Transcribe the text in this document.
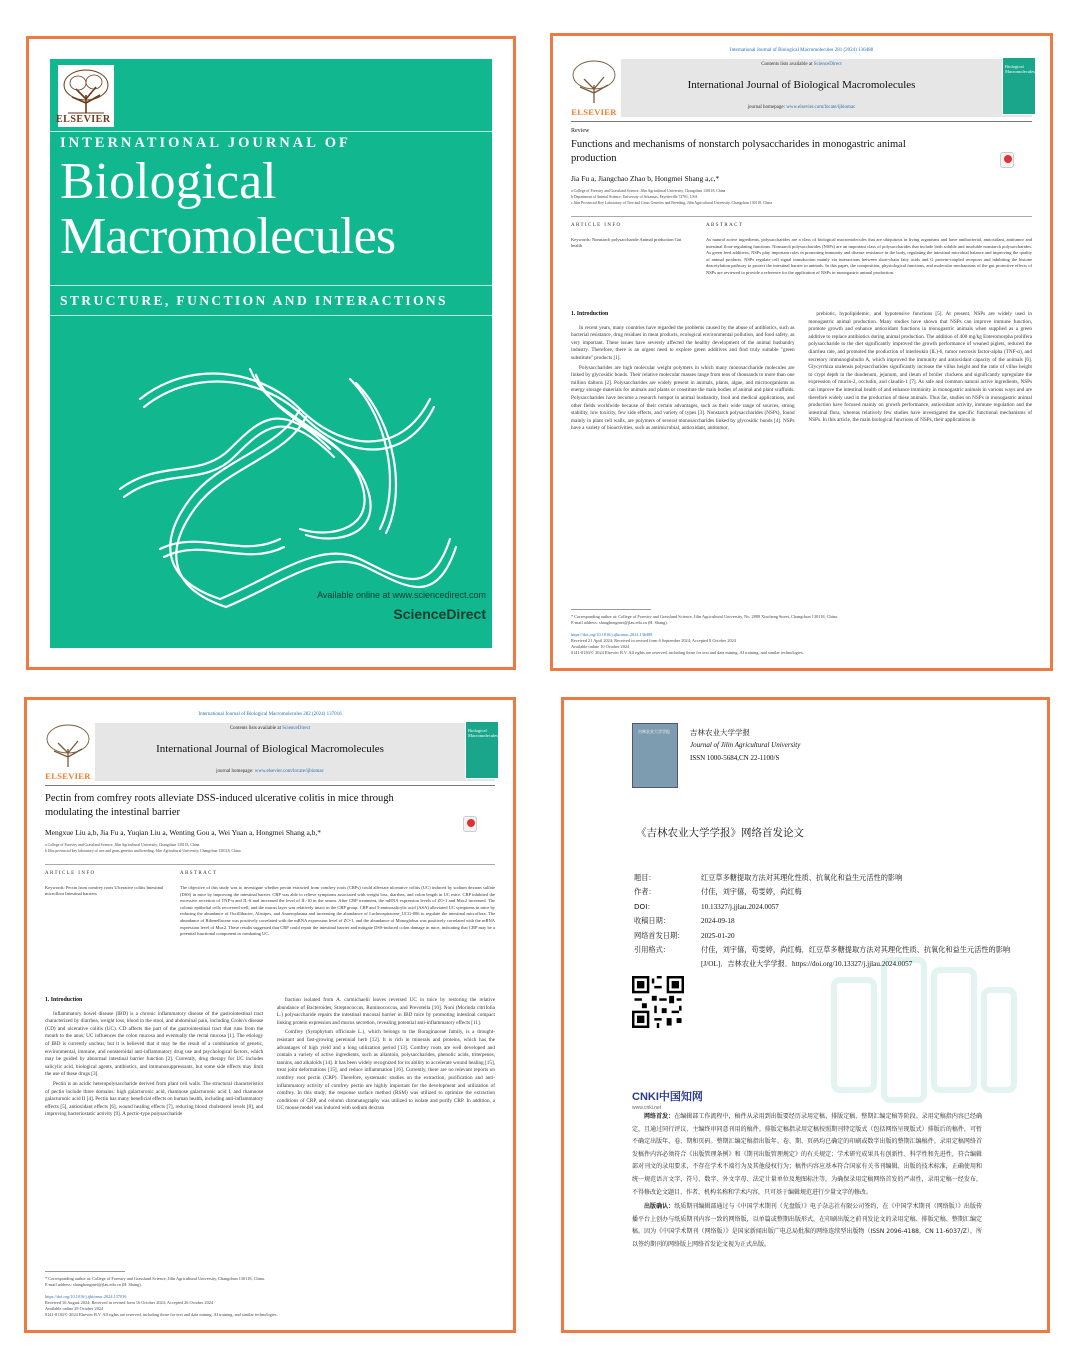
ELSEVIER
INTERNATIONAL JOURNAL OF
Biological
Macromolecules
STRUCTURE, FUNCTION AND INTERACTIONS
Available online at www.sciencedirect.com
ScienceDirect
International Journal of Biological Macromolecules 281 (2024) 136488
ELSEVIER
Contents lists available at ScienceDirect
International Journal of Biological Macromolecules
journal homepage: www.elsevier.com/locate/ijbiomac
Biological Macromolecules
Review
Functions and mechanisms of nonstarch polysaccharides in monogastric animal production
Jia Fu a, Jiangchao Zhao b, Hongmei Shang a,c,*
a College of Forestry and Grassland Science, Jilin Agricultural University, Changchun 130118, China
b Department of Animal Science, University of Arkansas, Fayetteville 72701, USA
c Jilin Provincial Key Laboratory of Tree and Grass Genetics and Breeding, Jilin Agricultural University, Changchun 130118, China
ARTICLE INFO	ABSTRACT
Keywords: Nonstarch polysaccharide Animal production Gut health
As natural active ingredients, polysaccharides are a class of biological macromolecules that are ubiquitous in living organisms and have antibacterial, antioxidant, antitumor and intestinal flora-regulating functions. Nonstarch polysaccharides (NSPs) are an important class of polysaccharides that include both soluble and insoluble nonstarch polysaccharides. As green feed additives, NSPs play important roles in promoting immunity and disease resistance in the body, regulating the intestinal microbial balance and improving the quality of animal products. NSPs regulate cell signal transduction mainly via interactions between short-chain fatty acids and G protein-coupled receptors and inhibiting the histone deacetylation pathway to protect the intestinal barrier in animals. In this paper, the composition, physiological functions, and molecular mechanisms of the gut protective effects of NSPs are reviewed to provide a reference for the application of NSPs in monogastric animal production.
1. Introduction

In recent years, many countries have regarded the problems caused by the abuse of antibiotics, such as bacterial resistance, drug residues in meat products, ecological environmental pollution, and food safety, as very important. These issues have severely affected the healthy development of the animal husbandry industry. Therefore, there is an urgent need to explore green additives and find truly suitable "green substitute" products [1].

Polysaccharides are high molecular weight polymers in which many monosaccharide molecules are linked by glycosidic bonds. Their relative molecular masses range from tens of thousands to more than one million daltons [2]. Polysaccharides are widely present in animals, plants, algae, and microorganisms as energy storage materials for animals and plants or constitute the main bodies of animal and plant scaffolds. Polysaccharides have become a research hotspot in animal husbandry, food and medical applications, and other fields worldwide because of their certain advantages, such as their wide range of sources, strong stability, low toxicity, few side effects, and variety of types [3]. Nonstarch polysaccharides (NSPs), found mainly in plant cell walls, are polymers of several monosaccharides linked by glycosidic bonds [4]. NSPs have a variety of bioactivities, such as antimicrobial, antioxidant, antitumor,

prebiotic, hypolipidemic, and hypotensive functions [5]. At present, NSPs are widely used in monogastric animal production. Many studies have shown that NSPs can improve immune function, promote growth and enhance antioxidant functions in monogastric animals when supplied as a green additive to replace antibiotics during animal production. The addition of 400 mg/kg Enteromorpha prolifera polysaccharide to the diet significantly improved the growth performance of weaned piglets, reduced the diarrhea rate, and promoted the production of interleukin (IL)-6, tumor necrosis factor-alpha (TNF-α), and secretory immunoglobulin A, which improved the immunity and antioxidant capacity of the animals [6]. Glycyrrhiza uralensis polysaccharides significantly increase the villus height and the ratio of villus height to crypt depth in the duodenum, jejunum, and ileum of broiler chickens and significantly upregulate the expression of mucin-2, occludin, and claudin-1 [7]. As safe and common natural active ingredients, NSPs can improve the intestinal health of and enhance immunity in monogastric animals in various ways and are therefore widely used in the production of these animals. Thus far, studies on NSPs in monogastric animal production have focused mainly on growth performance, antioxidant activity, immune regulation and the intestinal flora, whereas relatively few studies have investigated the specific functional mechanisms of NSPs. In this article, the main biological functions of NSPs, their applications in

* Corresponding author at: College of Forestry and Grassland Science, Jilin Agricultural University, No. 2888 Xincheng Street, Changchun 130118, China.
E-mail address: shanghongmei@jlau.edu.cn (H. Shang).
https://doi.org/10.1016/j.ijbiomac.2024.136488
Received 21 April 2024; Received in revised form 6 September 2024; Accepted 8 October 2024
Available online 10 October 2024
0141-8130/© 2024 Elsevier B.V. All rights are reserved, including those for text and data mining, AI training, and similar technologies.
International Journal of Biological Macromolecules 282 (2024) 137016
ELSEVIER
Contents lists available at ScienceDirect
International Journal of Biological Macromolecules
journal homepage: www.elsevier.com/locate/ijbiomac
Biological Macromolecules
Pectin from comfrey roots alleviate DSS-induced ulcerative colitis in mice through modulating the intestinal barrier
Mengxue Liu a,b, Jia Fu a, Yuqian Liu a, Wenting Gou a, Wei Yuan a, Hongmei Shang a,b,*
a College of Forestry and Grassland Science, Jilin Agricultural University, Changchun 130118, China
b Jilin provincial key laboratory of tree and grass genetics and breeding, Jilin Agricultural University, Changchun 130118, China
ARTICLE INFO	ABSTRACT
Keywords: Pectin from comfrey roots Ulcerative colitis Intestinal microflora Intestinal barriers
The objective of this study was to investigate whether pectin extracted from comfrey roots (CRPs) could alleviate ulcerative colitis (UC) induced by sodium dextran sulfate (DSS) in mice by improving the intestinal barrier. CRP was able to relieve symptoms associated with weight loss, diarrhea, and colon length in UC mice. CRP inhibited the excessive secretion of TNF-α and IL-6 and increased the level of IL-10 in the serum. After CRP treatment, the mRNA expression levels of ZO-1 and Muc2 increased. The colonic epithelial cells recovered well, and the mucus layer was relatively intact in the CRP group. CRP and 5-aminosalicylic acid (ASA) alleviated UC symptoms in mice by reducing the abundance of Oscillibacter, Alistipes, and Anaeroplasma and increasing the abundance of Lachnospiraceae_UCG-006 to regulate the intestinal microflora. The abundance of Rikenellaceae was positively correlated with the mRNA expression level of ZO-1, and the abundance of Monoglobus was positively correlated with the mRNA expression level of Muc2. These results suggested that CRP could repair the intestinal barrier and mitigate DSS-induced colon damage in mice, indicating that CRP may be a potential functional component in combating UC.
1. Introduction

Inflammatory bowel disease (IBD) is a chronic inflammatory disease of the gastrointestinal tract characterized by diarrhea, weight loss, blood in the stool, and abdominal pain, including Crohn's disease (CD) and ulcerative colitis (UC). CD affects the part of the gastrointestinal tract that runs from the mouth to the anus; UC influences the colon mucosa and eventually the rectal mucosa [1]. The etiology of IBD is currently unclear, but it is believed that it may be the result of a combination of genetic, environmental, immune, and nonsteroidal anti-inflammatory drug use and psychological factors, which may be guided by abnormal intestinal barrier function [2]. Currently, drug therapy for UC includes salicylic acid, biological agents, antibiotics, and immunosuppressants, but some side effects may limit the use of these drugs [3].

Pectin is an acidic heteropolysaccharide derived from plant cell walls. The structural characteristics of pectin include three domains: high galacturonic acid, rhamnose galacturonic acid I, and rhamnose galacturonic acid II [4]. Pectin has many beneficial effects on human health, including anti-inflammatory effects [5], antioxidant effects [6], wound healing effects [7], reducing blood cholesterol levels [8], and improving bacteriostatic activity [9]. A pectic-type polysaccharide

fraction isolated from A. carmichaelii leaves reversed UC in mice by restoring the relative abundance of Bacteroides, Streptococcus, Ruminococcus, and Prevotella [10]. Noni (Morinda citrifolia L.) polysaccharide repairs the intestinal mucosal barrier in IBD mice by promoting intestinal compact linking protein expression and mucus secretion, revealing potential anti-inflammatory effects [11].

Comfrey (Symphytum officinale L.), which belongs to the Boraginaceae family, is a drought-resistant and fast-growing perennial herb [12]. It is rich in minerals and proteins, which has the advantages of high yield and a long utilization period [13]. Comfrey roots are well developed and contain a variety of active ingredients, such as allantoin, polysaccharides, phenolic acids, triterpenes, tannins, and alkaloids [14]. It has been widely recognized for its ability to accelerate wound healing [15], treat joint deformations [15], and reduce inflammation [16]. Currently, there are no relevant reports on comfrey root pectin (CRP). Therefore, systematic studies on the extraction, purification and anti-inflammatory activity of comfrey pectin are highly important for the development and utilization of comfrey. In this study, the response surface method (RSM) was utilized to optimize the extraction conditions of CRP, and column chromatography was utilized to isolate and purify CRP. In addition, a UC mouse model was induced with sodium dextran

* Corresponding author at: College of Forestry and Grassland Science, Jilin Agricultural University, Changchun 130118, China.
E-mail address: shanghongmei@jlau.edu.cn (H. Shang).
https://doi.org/10.1016/j.ijbiomac.2024.137016
Received 16 August 2024; Received in revised form 16 October 2024; Accepted 26 October 2024
Available online 29 October 2024
0141-8130/© 2024 Elsevier B.V. All rights are reserved, including those for text and data mining, AI training, and similar technologies.
吉林农业大学学报	吉林农业大学学报
Journal of Jilin Agricultural University
ISSN 1000-5684,CN 22-1100/S
《吉林农业大学学报》网络首发论文
题目：	红豆草多糖提取方法对其理化性质、抗氧化和益生元活性的影响
作者：	付佳，刘宇僖，苟雯婷，尚红梅
DOI：	10.13327/j.jjlau.2024.0057
收稿日期：	2024-09-18
网络首发日期： 2025-01-20
引用格式：	付佳，刘宇僖，苟雯婷，尚红梅．红豆草多糖提取方法对其理化性质、抗氧化和益生元活性的影响[J/OL]．吉林农业大学学报．https://doi.org/10.13327/j.jjlau.2024.0057
CNKI中国知网
www.cnki.net

网络首发：在编辑部工作流程中，稿件从录用到出版要经历录用定稿、排版定稿、整期汇编定稿等阶段。录用定稿指内容已经确定，且通过同行评议、主编终审同意刊用的稿件。排版定稿指录用定稿按照期刊特定版式（包括网络呈现版式）排版后的稿件，可暂不确定出版年、卷、期和页码。整期汇编定稿指出版年、卷、期、页码均已确定的印刷或数字出版的整期汇编稿件。录用定稿网络首发稿件内容必须符合《出版管理条例》和《期刊出版管理规定》的有关规定；学术研究成果具有创新性、科学性和先进性，符合编辑部对刊文的录用要求，不存在学术不端行为及其他侵权行为；稿件内容应基本符合国家有关书刊编辑、出版的技术标准，正确使用和统一规范语言文字、符号、数字、外文字母、法定计量单位及地图标注等。为确保录用定稿网络首发的严肃性，录用定稿一经发布，不得修改论文题目、作者、机构名称和学术内容，只可基于编辑规范进行少量文字的修改。

出版确认：纸质期刊编辑部通过与《中国学术期刊（光盘版）》电子杂志社有限公司签约，在《中国学术期刊（网络版）》出版传播平台上创办与纸质期刊内容一致的网络版，以单篇或整期出版形式，在印刷出版之前刊发论文的录用定稿、排版定稿、整期汇编定稿。因为《中国学术期刊（网络版）》是国家新闻出版广电总局批准的网络连续型出版物（ISSN 2096-4188，CN 11-6037/Z），所以签约期刊的网络版上网络首发论文视为正式出版。
